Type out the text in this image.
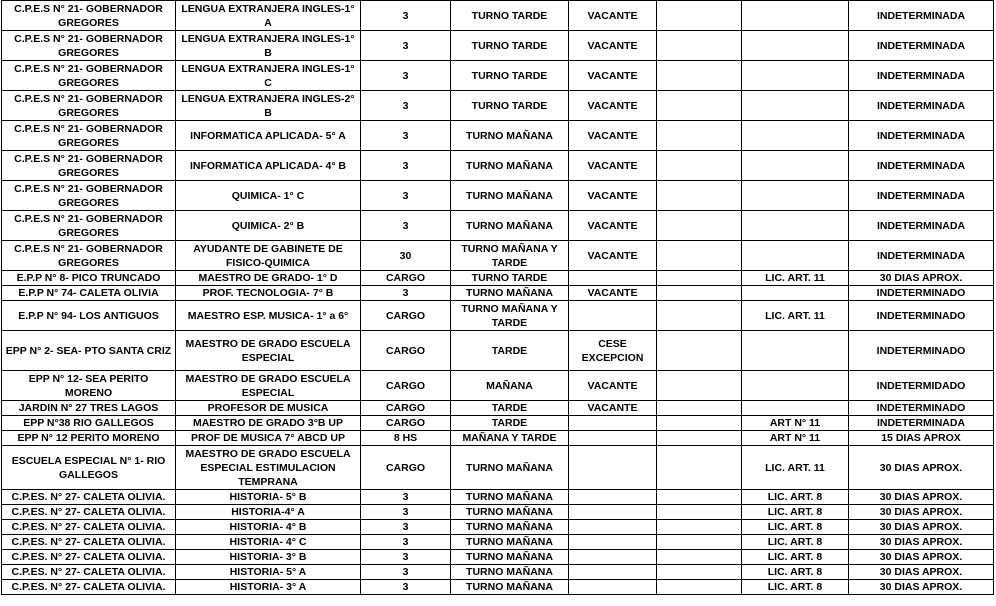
C.P.E.S N° 21- GOBERNADOR GREGORES	LENGUA EXTRANJERA INGLES-1° A	3	TURNO TARDE	VACANTE			INDETERMINADA
C.P.E.S N° 21- GOBERNADOR GREGORES	LENGUA EXTRANJERA INGLES-1° B	3	TURNO TARDE	VACANTE			INDETERMINADA
C.P.E.S N° 21- GOBERNADOR GREGORES	LENGUA EXTRANJERA INGLES-1° C	3	TURNO TARDE	VACANTE			INDETERMINADA
C.P.E.S N° 21- GOBERNADOR GREGORES	LENGUA EXTRANJERA INGLES-2° B	3	TURNO TARDE	VACANTE			INDETERMINADA
C.P.E.S N° 21- GOBERNADOR GREGORES	INFORMATICA APLICADA- 5° A	3	TURNO MAÑANA	VACANTE			INDETERMINADA
C.P.E.S N° 21- GOBERNADOR GREGORES	INFORMATICA APLICADA- 4° B	3	TURNO MAÑANA	VACANTE			INDETERMINADA
C.P.E.S N° 21- GOBERNADOR GREGORES	QUIMICA- 1° C	3	TURNO MAÑANA	VACANTE			INDETERMINADA
C.P.E.S N° 21- GOBERNADOR GREGORES	QUIMICA- 2° B	3	TURNO MAÑANA	VACANTE			INDETERMINADA
C.P.E.S N° 21- GOBERNADOR GREGORES	AYUDANTE DE GABINETE DE FISICO-QUIMICA	30	TURNO MAÑANA Y TARDE	VACANTE			INDETERMINADA
E.P.P N° 8- PICO TRUNCADO	MAESTRO DE GRADO- 1° D	CARGO	TURNO TARDE			LIC. ART. 11	30 DIAS APROX.
E.P.P N° 74- CALETA OLIVIA	PROF. TECNOLOGIA- 7° B	3	TURNO MAÑANA	VACANTE			INDETERMINADO
E.P.P N° 94- LOS ANTIGUOS	MAESTRO ESP. MUSICA- 1° a 6°	CARGO	TURNO MAÑANA Y TARDE			LIC. ART. 11	INDETERMINADO
EPP N° 2- SEA- PTO SANTA CRIZ	MAESTRO DE GRADO ESCUELA ESPECIAL	CARGO	TARDE	CESE EXCEPCION			INDETERMINADO
EPP N° 12- SEA PERITO MORENO	MAESTRO DE GRADO ESCUELA ESPECIAL	CARGO	MAÑANA	VACANTE			INDETERMIDADO
JARDIN N° 27 TRES LAGOS	PROFESOR DE MUSICA	CARGO	TARDE	VACANTE			INDETERMINADO
EPP N°38 RIO GALLEGOS	MAESTRO DE GRADO 3°B UP	CARGO	TARDE			ART N° 11	INDETERMINADA
EPP N° 12 PERITO MORENO	PROF DE MUSICA 7° ABCD UP	8 HS	MAÑANA Y TARDE			ART N° 11	15 DIAS APROX
ESCUELA ESPECIAL N° 1- RIO GALLEGOS	MAESTRO DE GRADO ESCUELA ESPECIAL ESTIMULACION TEMPRANA	CARGO	TURNO MAÑANA			LIC. ART. 11	30 DIAS APROX.
C.P.ES. N° 27- CALETA OLIVIA.	HISTORIA- 5° B	3	TURNO MAÑANA			LIC. ART. 8	30 DIAS APROX.
C.P.ES. N° 27- CALETA OLIVIA.	HISTORIA-4° A	3	TURNO MAÑANA			LIC. ART. 8	30 DIAS APROX.
C.P.ES. N° 27- CALETA OLIVIA.	HISTORIA- 4° B	3	TURNO MAÑANA			LIC. ART. 8	30 DIAS APROX.
C.P.ES. N° 27- CALETA OLIVIA.	HISTORIA- 4° C	3	TURNO MAÑANA			LIC. ART. 8	30 DIAS APROX.
C.P.ES. N° 27- CALETA OLIVIA.	HISTORIA- 3° B	3	TURNO MAÑANA			LIC. ART. 8	30 DIAS APROX.
C.P.ES. N° 27- CALETA OLIVIA.	HISTORIA- 5° A	3	TURNO MAÑANA			LIC. ART. 8	30 DIAS APROX.
C.P.ES. N° 27- CALETA OLIVIA.	HISTORIA- 3° A	3	TURNO MAÑANA			LIC. ART. 8	30 DIAS APROX.
